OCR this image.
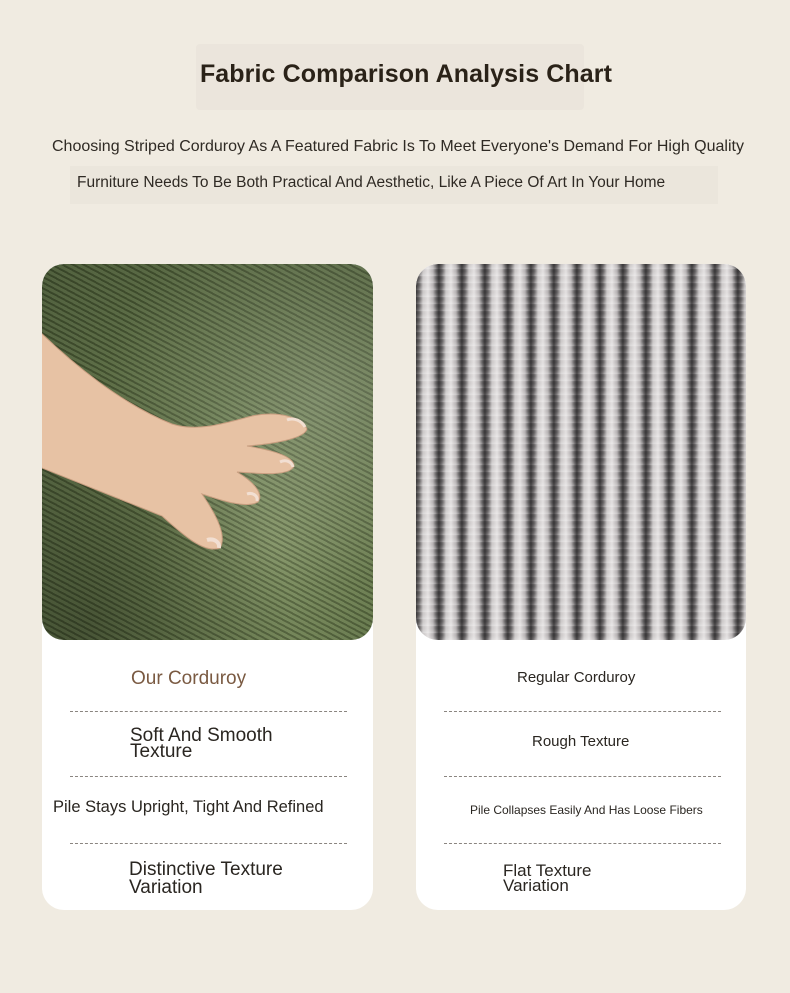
Fabric Comparison Analysis Chart

Choosing Striped Corduroy As A Featured Fabric Is To Meet Everyone's Demand For High Quality

Furniture Needs To Be Both Practical And Aesthetic, Like A Piece Of Art In Your Home

Our Corduroy
Soft And Smooth
Texture
Pile Stays Upright, Tight And Refined
Distinctive Texture
Variation
Regular Corduroy
Rough Texture
Pile Collapses Easily And Has Loose Fibers
Flat Texture
Variation
